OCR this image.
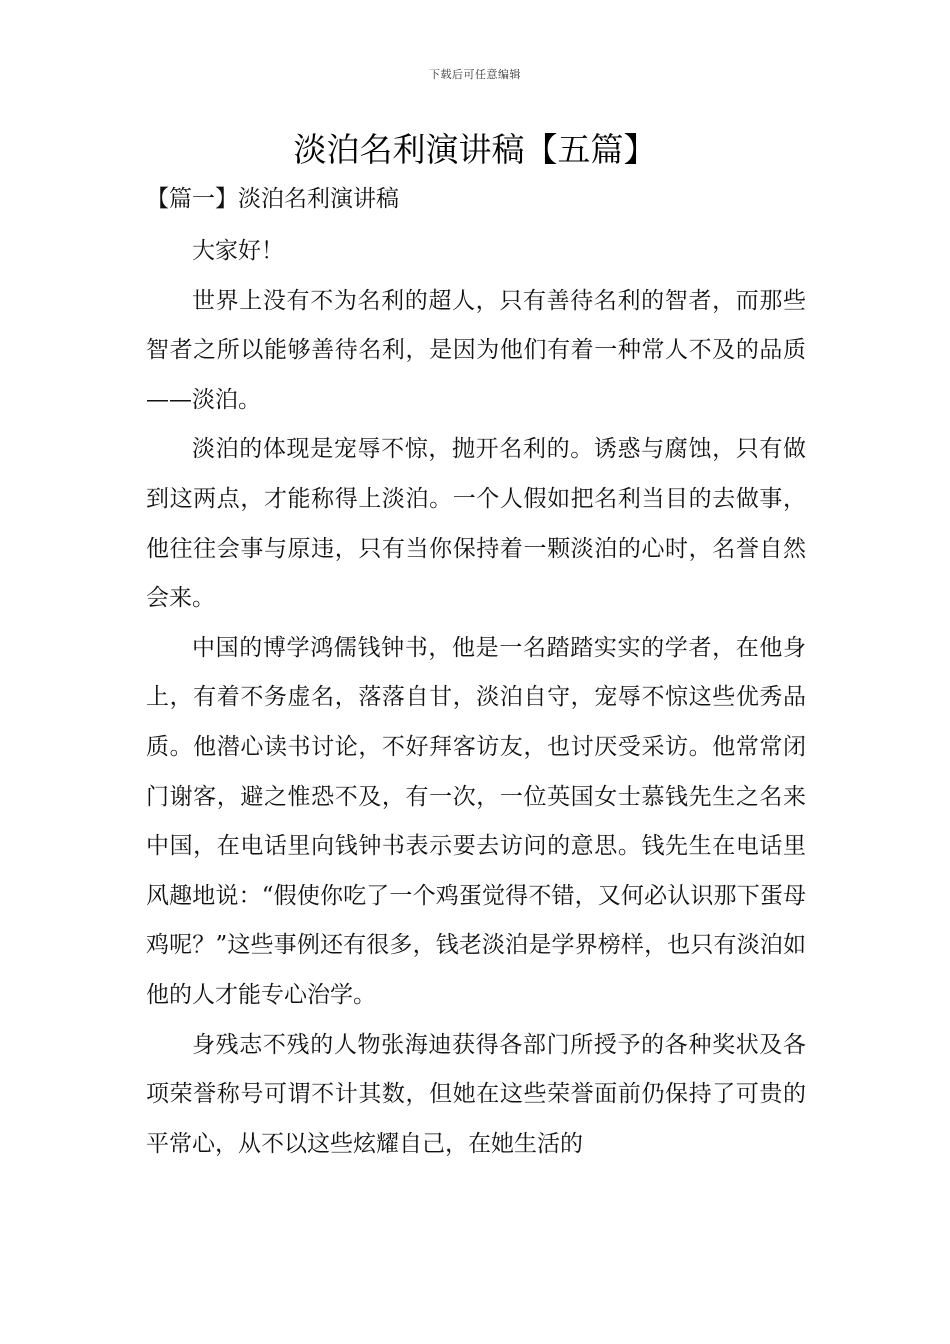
下载后可任意编辑
淡泊名利演讲稿【五篇】
【篇一】淡泊名利演讲稿

大家好！

世界上没有不为名利的超人，只有善待名利的智者，而那些智者之所以能够善待名利，是因为他们有着一种常人不及的品质——淡泊。

淡泊的体现是宠辱不惊，抛开名利的。诱惑与腐蚀，只有做到这两点，才能称得上淡泊。一个人假如把名利当目的去做事，他往往会事与原违，只有当你保持着一颗淡泊的心时，名誉自然会来。

中国的博学鸿儒钱钟书，他是一名踏踏实实的学者，在他身上，有着不务虚名，落落自甘，淡泊自守，宠辱不惊这些优秀品质。他潜心读书讨论，不好拜客访友，也讨厌受采访。他常常闭门谢客，避之惟恐不及，有一次，一位英国女士慕钱先生之名来中国，在电话里向钱钟书表示要去访问的意思。钱先生在电话里风趣地说：“假使你吃了一个鸡蛋觉得不错，又何必认识那下蛋母鸡呢？”这些事例还有很多，钱老淡泊是学界榜样，也只有淡泊如他的人才能专心治学。

身残志不残的人物张海迪获得各部门所授予的各种奖状及各项荣誉称号可谓不计其数，但她在这些荣誉面前仍保持了可贵的平常心，从不以这些炫耀自己，在她生活的
